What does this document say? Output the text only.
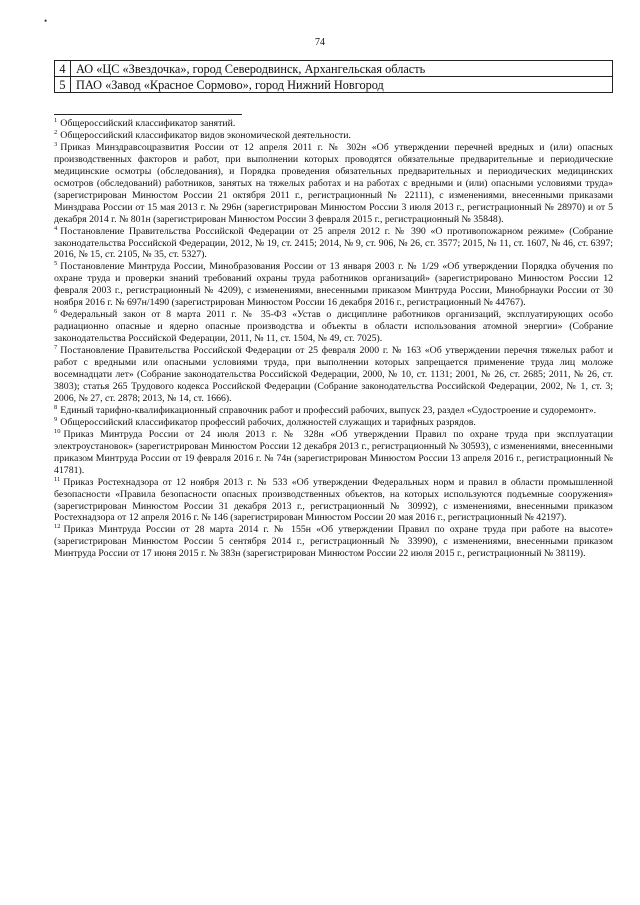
•
74
4	АО «ЦС «Звездочка», город Северодвинск, Архангельская область
5	ПАО «Завод «Красное Сормово», город Нижний Новгород

$^1$ Общероссийский классификатор занятий.

$^2$ Общероссийский классификатор видов экономической деятельности.

$^3$ Приказ Минздравсоцразвития России от 12 апреля 2011 г. № 302н «Об утверждении перечней вредных и (или) опасных производственных факторов и работ, при выполнении которых проводятся обязательные предварительные и периодические медицинские осмотры (обследования), и Порядка проведения обязательных предварительных и периодических медицинских осмотров (обследований) работников, занятых на тяжелых работах и на работах с вредными и (или) опасными условиями труда» (зарегистрирован Минюстом России 21 октября 2011 г., регистрационный № 22111), с изменениями, внесенными приказами Минздрава России от 15 мая 2013 г. № 296н (зарегистрирован Минюстом России 3 июля 2013 г., регистрационный № 28970) и от 5 декабря 2014 г. № 801н (зарегистрирован Минюстом России 3 февраля 2015 г., регистрационный № 35848).

$^4$ Постановление Правительства Российской Федерации от 25 апреля 2012 г. № 390 «О противопожарном режиме» (Собрание законодательства Российской Федерации, 2012, № 19, ст. 2415; 2014, № 9, ст. 906, № 26, ст. 3577; 2015, № 11, ст. 1607, № 46, ст. 6397; 2016, № 15, ст. 2105, № 35, ст. 5327).

$^5$ Постановление Минтруда России, Минобразования России от 13 января 2003 г. № 1/29 «Об утверждении Порядка обучения по охране труда и проверки знаний требований охраны труда работников организаций» (зарегистрировано Минюстом России 12 февраля 2003 г., регистрационный № 4209), с изменениями, внесенными приказом Минтруда России, Минобрнауки России от 30 ноября 2016 г. № 697н/1490 (зарегистрирован Минюстом России 16 декабря 2016 г., регистрационный № 44767).

$^6$ Федеральный закон от 8 марта 2011 г. № 35-ФЗ «Устав о дисциплине работников организаций, эксплуатирующих особо радиационно опасные и ядерно опасные производства и объекты в области использования атомной энергии» (Собрание законодательства Российской Федерации, 2011, № 11, ст. 1504, № 49, ст. 7025).

$^7$ Постановление Правительства Российской Федерации от 25 февраля 2000 г. № 163 «Об утверждении перечня тяжелых работ и работ с вредными или опасными условиями труда, при выполнении которых запрещается применение труда лиц моложе восемнадцати лет» (Собрание законодательства Российской Федерации, 2000, № 10, ст. 1131; 2001, № 26, ст. 2685; 2011, № 26, ст. 3803); статья 265 Трудового кодекса Российской Федерации (Собрание законодательства Российской Федерации, 2002, № 1, ст. 3; 2006, № 27, ст. 2878; 2013, № 14, ст. 1666).

$^8$ Единый тарифно-квалификационный справочник работ и профессий рабочих, выпуск 23, раздел «Судостроение и судоремонт».

$^9$ Общероссийский классификатор профессий рабочих, должностей служащих и тарифных разрядов.

$^{10}$ Приказ Минтруда России от 24 июля 2013 г. № 328н «Об утверждении Правил по охране труда при эксплуатации электроустановок» (зарегистрирован Минюстом России 12 декабря 2013 г., регистрационный № 30593), с изменениями, внесенными приказом Минтруда России от 19 февраля 2016 г. № 74н (зарегистрирован Минюстом России 13 апреля 2016 г., регистрационный № 41781).

$^{11}$ Приказ Ростехнадзора от 12 ноября 2013 г. № 533 «Об утверждении Федеральных норм и правил в области промышленной безопасности «Правила безопасности опасных производственных объектов, на которых используются подъемные сооружения» (зарегистрирован Минюстом России 31 декабря 2013 г., регистрационный № 30992), с изменениями, внесенными приказом Ростехнадзора от 12 апреля 2016 г. № 146 (зарегистрирован Минюстом России 20 мая 2016 г., регистрационный № 42197).

$^{12}$ Приказ Минтруда России от 28 марта 2014 г. № 155н «Об утверждении Правил по охране труда при работе на высоте» (зарегистрирован Минюстом России 5 сентября 2014 г., регистрационный № 33990), с изменениями, внесенными приказом Минтруда России от 17 июня 2015 г. № 383н (зарегистрирован Минюстом России 22 июля 2015 г., регистрационный № 38119).
